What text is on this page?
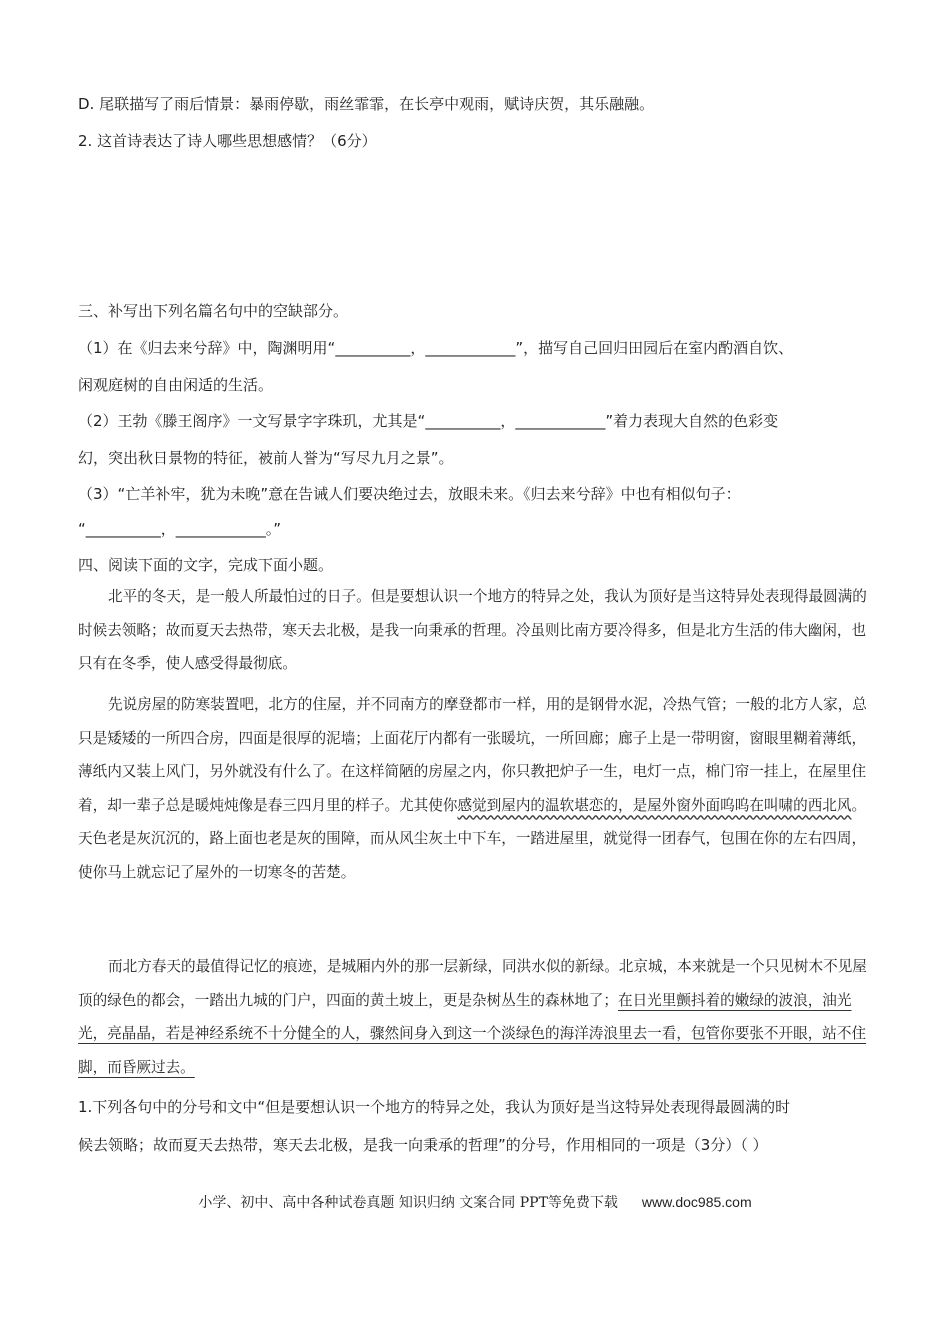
D. 尾联描写了雨后情景：暴雨停歇，雨丝霏霏，在长亭中观雨，赋诗庆贺，其乐融融。
2. 这首诗表达了诗人哪些思想感情？（6分）
三、补写出下列名篇名句中的空缺部分。
（1）在《归去来兮辞》中，陶渊明用“__________，____________”，描写自己回归田园后在室内酌酒自饮、
闲观庭树的自由闲适的生活。
（2）王勃《滕王阁序》一文写景字字珠玑，尤其是“__________，____________”着力表现大自然的色彩变
幻，突出秋日景物的特征，被前人誉为“写尽九月之景”。
（3）“亡羊补牢，犹为未晚”意在告诫人们要决绝过去，放眼未来。《归去来兮辞》中也有相似句子：
“__________，____________。”
四、阅读下面的文字，完成下面小题。
北平的冬天，是一般人所最怕过的日子。但是要想认识一个地方的特异之处，我认为顶好是当这特异处表现得最圆满的时候去领略；故而夏天去热带，寒天去北极，是我一向秉承的哲理。冷虽则比南方要冷得多，但是北方生活的伟大幽闲，也只有在冬季，使人感受得最彻底。
先说房屋的防寒装置吧，北方的住屋，并不同南方的摩登都市一样，用的是钢骨水泥，冷热气管；一般的北方人家，总只是矮矮的一所四合房，四面是很厚的泥墙；上面花厅内都有一张暖坑，一所回廊；廊子上是一带明窗，窗眼里糊着薄纸，薄纸内又装上风门，另外就没有什么了。在这样简陋的房屋之内，你只教把炉子一生，电灯一点，棉门帘一挂上，在屋里住着，却一辈子总是暖炖炖像是春三四月里的样子。尤其使你感觉到屋内的温软堪恋的，是屋外窗外面呜呜在叫啸的西北风。天色老是灰沉沉的，路上面也老是灰的围障，而从风尘灰土中下车，一踏进屋里，就觉得一团春气，包围在你的左右四周，使你马上就忘记了屋外的一切寒冬的苦楚。
而北方春天的最值得记忆的痕迹，是城厢内外的那一层新绿，同洪水似的新绿。北京城，本来就是一个只见树木不见屋顶的绿色的都会，一踏出九城的门户，四面的黄土坡上，更是杂树丛生的森林地了；在日光里颤抖着的嫩绿的波浪，油光光，亮晶晶，若是神经系统不十分健全的人，骤然间身入到这一个淡绿色的海洋涛浪里去一看，包管你要张不开眼，站不住脚，而昏厥过去。
1.下列各句中的分号和文中“但是要想认识一个地方的特异之处，我认为顶好是当这特异处表现得最圆满的时
候去领略；故而夏天去热带，寒天去北极，是我一向秉承的哲理”的分号，作用相同的一项是（3分）（ ）
小学、初中、高中各种试卷真题 知识归纳 文案合同 PPT等免费下载 www.doc985.com
